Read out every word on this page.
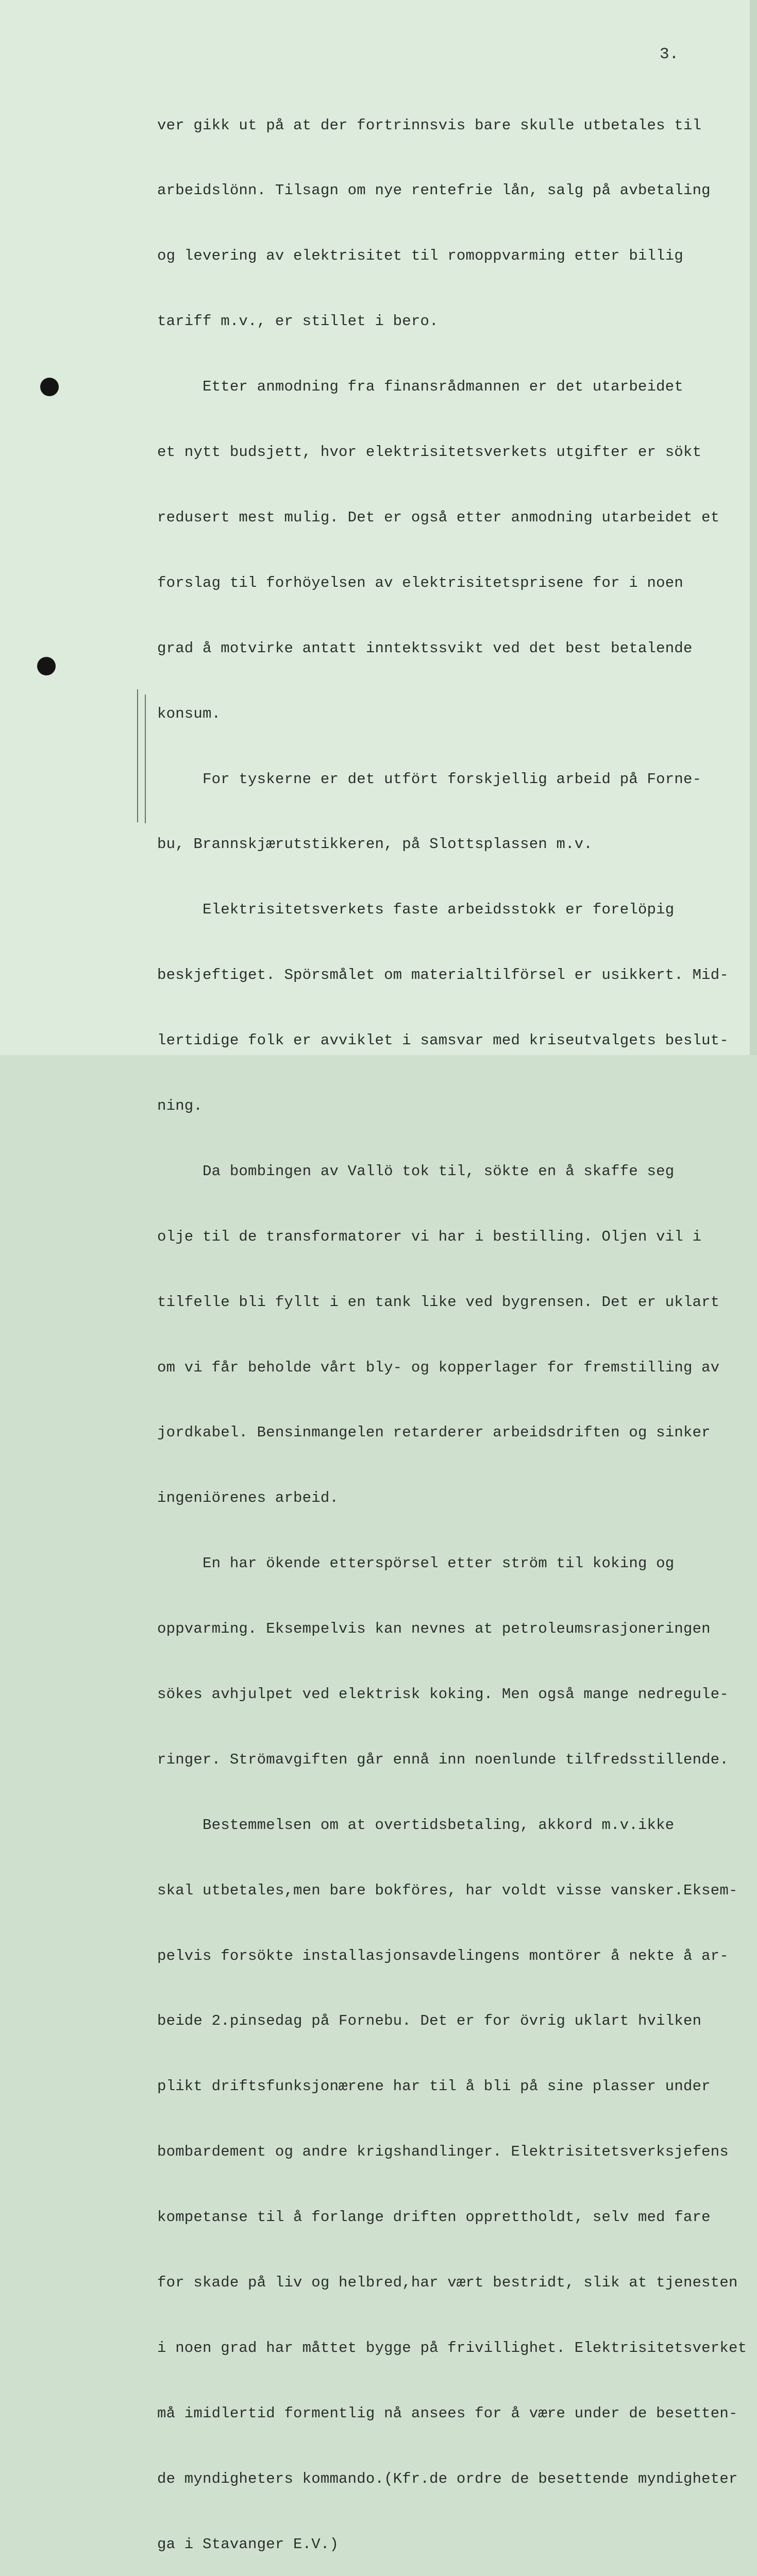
3.

ver gikk ut på at der fortrinnsvis bare skulle utbetales til

arbeidslönn. Tilsagn om nye rentefrie lån, salg på avbetaling

og levering av elektrisitet til romoppvarming etter billig

tariff m.v., er stillet i bero.

Etter anmodning fra finansrådmannen er det utarbeidet

et nytt budsjett, hvor elektrisitetsverkets utgifter er sökt

redusert mest mulig. Det er også etter anmodning utarbeidet et

forslag til forhöyelsen av elektrisitetsprisene for i noen

grad å motvirke antatt inntektssvikt ved det best betalende

konsum.

For tyskerne er det utfört forskjellig arbeid på Forne-

bu, Brannskjærutstikkeren, på Slottsplassen m.v.

Elektrisitetsverkets faste arbeidsstokk er forelöpig

beskjeftiget. Spörsmålet om materialtilförsel er usikkert. Mid-

lertidige folk er avviklet i samsvar med kriseutvalgets beslut-

ning.

Da bombingen av Vallö tok til, sökte en å skaffe seg

olje til de transformatorer vi har i bestilling. Oljen vil i

tilfelle bli fyllt i en tank like ved bygrensen. Det er uklart

om vi får beholde vårt bly- og kopperlager for fremstilling av

jordkabel. Bensinmangelen retarderer arbeidsdriften og sinker

ingeniörenes arbeid.

En har ökende etterspörsel etter ström til koking og

oppvarming. Eksempelvis kan nevnes at petroleumsrasjoneringen

sökes avhjulpet ved elektrisk koking. Men også mange nedregule-

ringer. Strömavgiften går ennå inn noenlunde tilfredsstillende.

Bestemmelsen om at overtidsbetaling, akkord m.v.ikke

skal utbetales,men bare bokföres, har voldt visse vansker.Eksem-

pelvis forsökte installasjonsavdelingens montörer å nekte å ar-

beide 2.pinsedag på Fornebu. Det er for övrig uklart hvilken

plikt driftsfunksjonærene har til å bli på sine plasser under

bombardement og andre krigshandlinger. Elektrisitetsverksjefens

kompetanse til å forlange driften opprettholdt, selv med fare

for skade på liv og helbred,har vært bestridt, slik at tjenesten

i noen grad har måttet bygge på frivillighet. Elektrisitetsverket

må imidlertid formentlig nå ansees for å være under de besetten-

de myndigheters kommando.(Kfr.de ordre de besettende myndigheter

ga i Stavanger E.V.)
